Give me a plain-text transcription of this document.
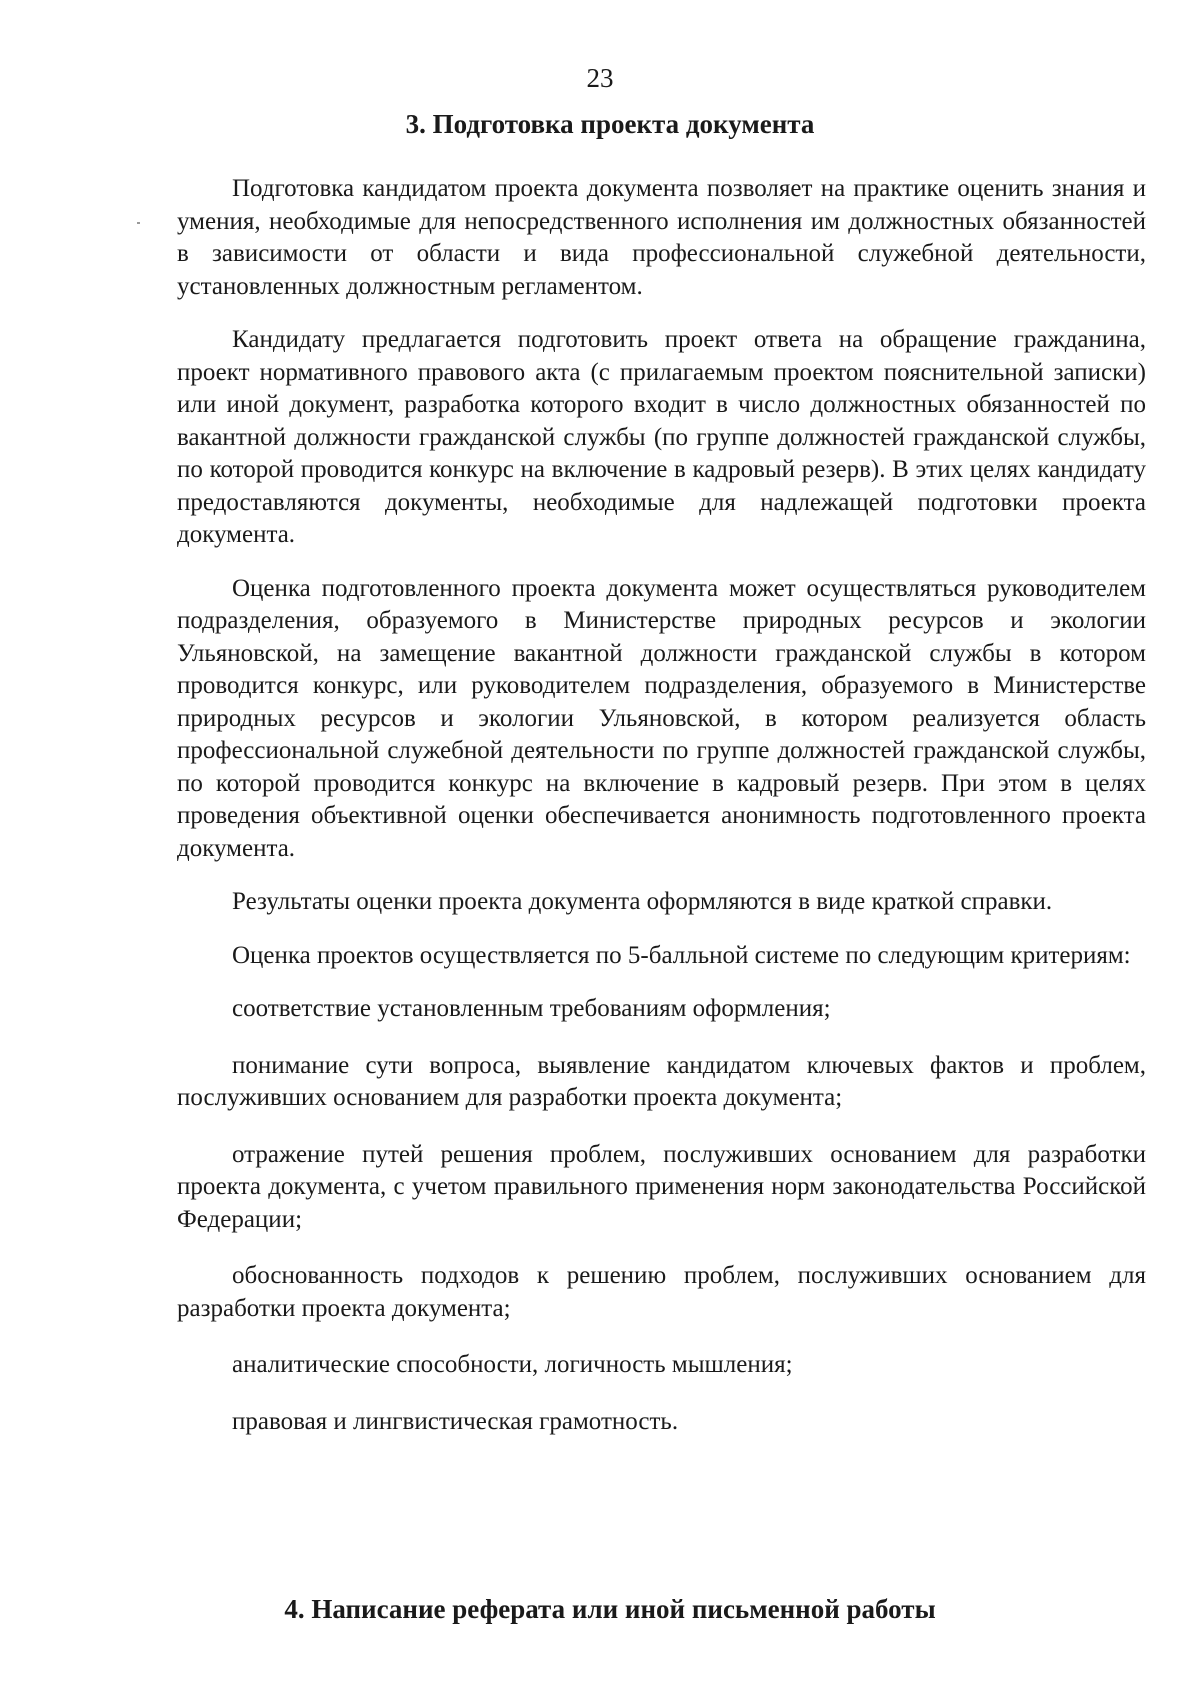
23
3. Подготовка проекта документа

Подготовка кандидатом проекта документа позволяет на практике оценить знания и умения, необходимые для непосредственного исполнения им должностных обязанностей в зависимости от области и вида профессиональной служебной деятельности, установленных должностным регламентом.

Кандидату предлагается подготовить проект ответа на обращение гражданина, проект нормативного правового акта (с прилагаемым проектом пояснительной записки) или иной документ, разработка которого входит в число должностных обязанностей по вакантной должности гражданской службы (по группе должностей гражданской службы, по которой проводится конкурс на включение в кадровый резерв). В этих целях кандидату предоставляются документы, необходимые для надлежащей подготовки проекта документа.

Оценка подготовленного проекта документа может осуществляться руководителем подразделения, образуемого в Министерстве природных ресурсов и экологии Ульяновской, на замещение вакантной должности гражданской службы в котором проводится конкурс, или руководителем подразделения, образуемого в Министерстве природных ресурсов и экологии Ульяновской, в котором реализуется область профессиональной служебной деятельности по группе должностей гражданской службы, по которой проводится конкурс на включение в кадровый резерв. При этом в целях проведения объективной оценки обеспечивается анонимность подготовленного проекта документа.

Результаты оценки проекта документа оформляются в виде краткой справки.

Оценка проектов осуществляется по 5-балльной системе по следующим критериям:

соответствие установленным требованиям оформления;

понимание сути вопроса, выявление кандидатом ключевых фактов и проблем, послуживших основанием для разработки проекта документа;

отражение путей решения проблем, послуживших основанием для разработки проекта документа, с учетом правильного применения норм законодательства Российской Федерации;

обоснованность подходов к решению проблем, послуживших основанием для разработки проекта документа;

аналитические способности, логичность мышления;

правовая и лингвистическая грамотность.

4. Написание реферата или иной письменной работы
